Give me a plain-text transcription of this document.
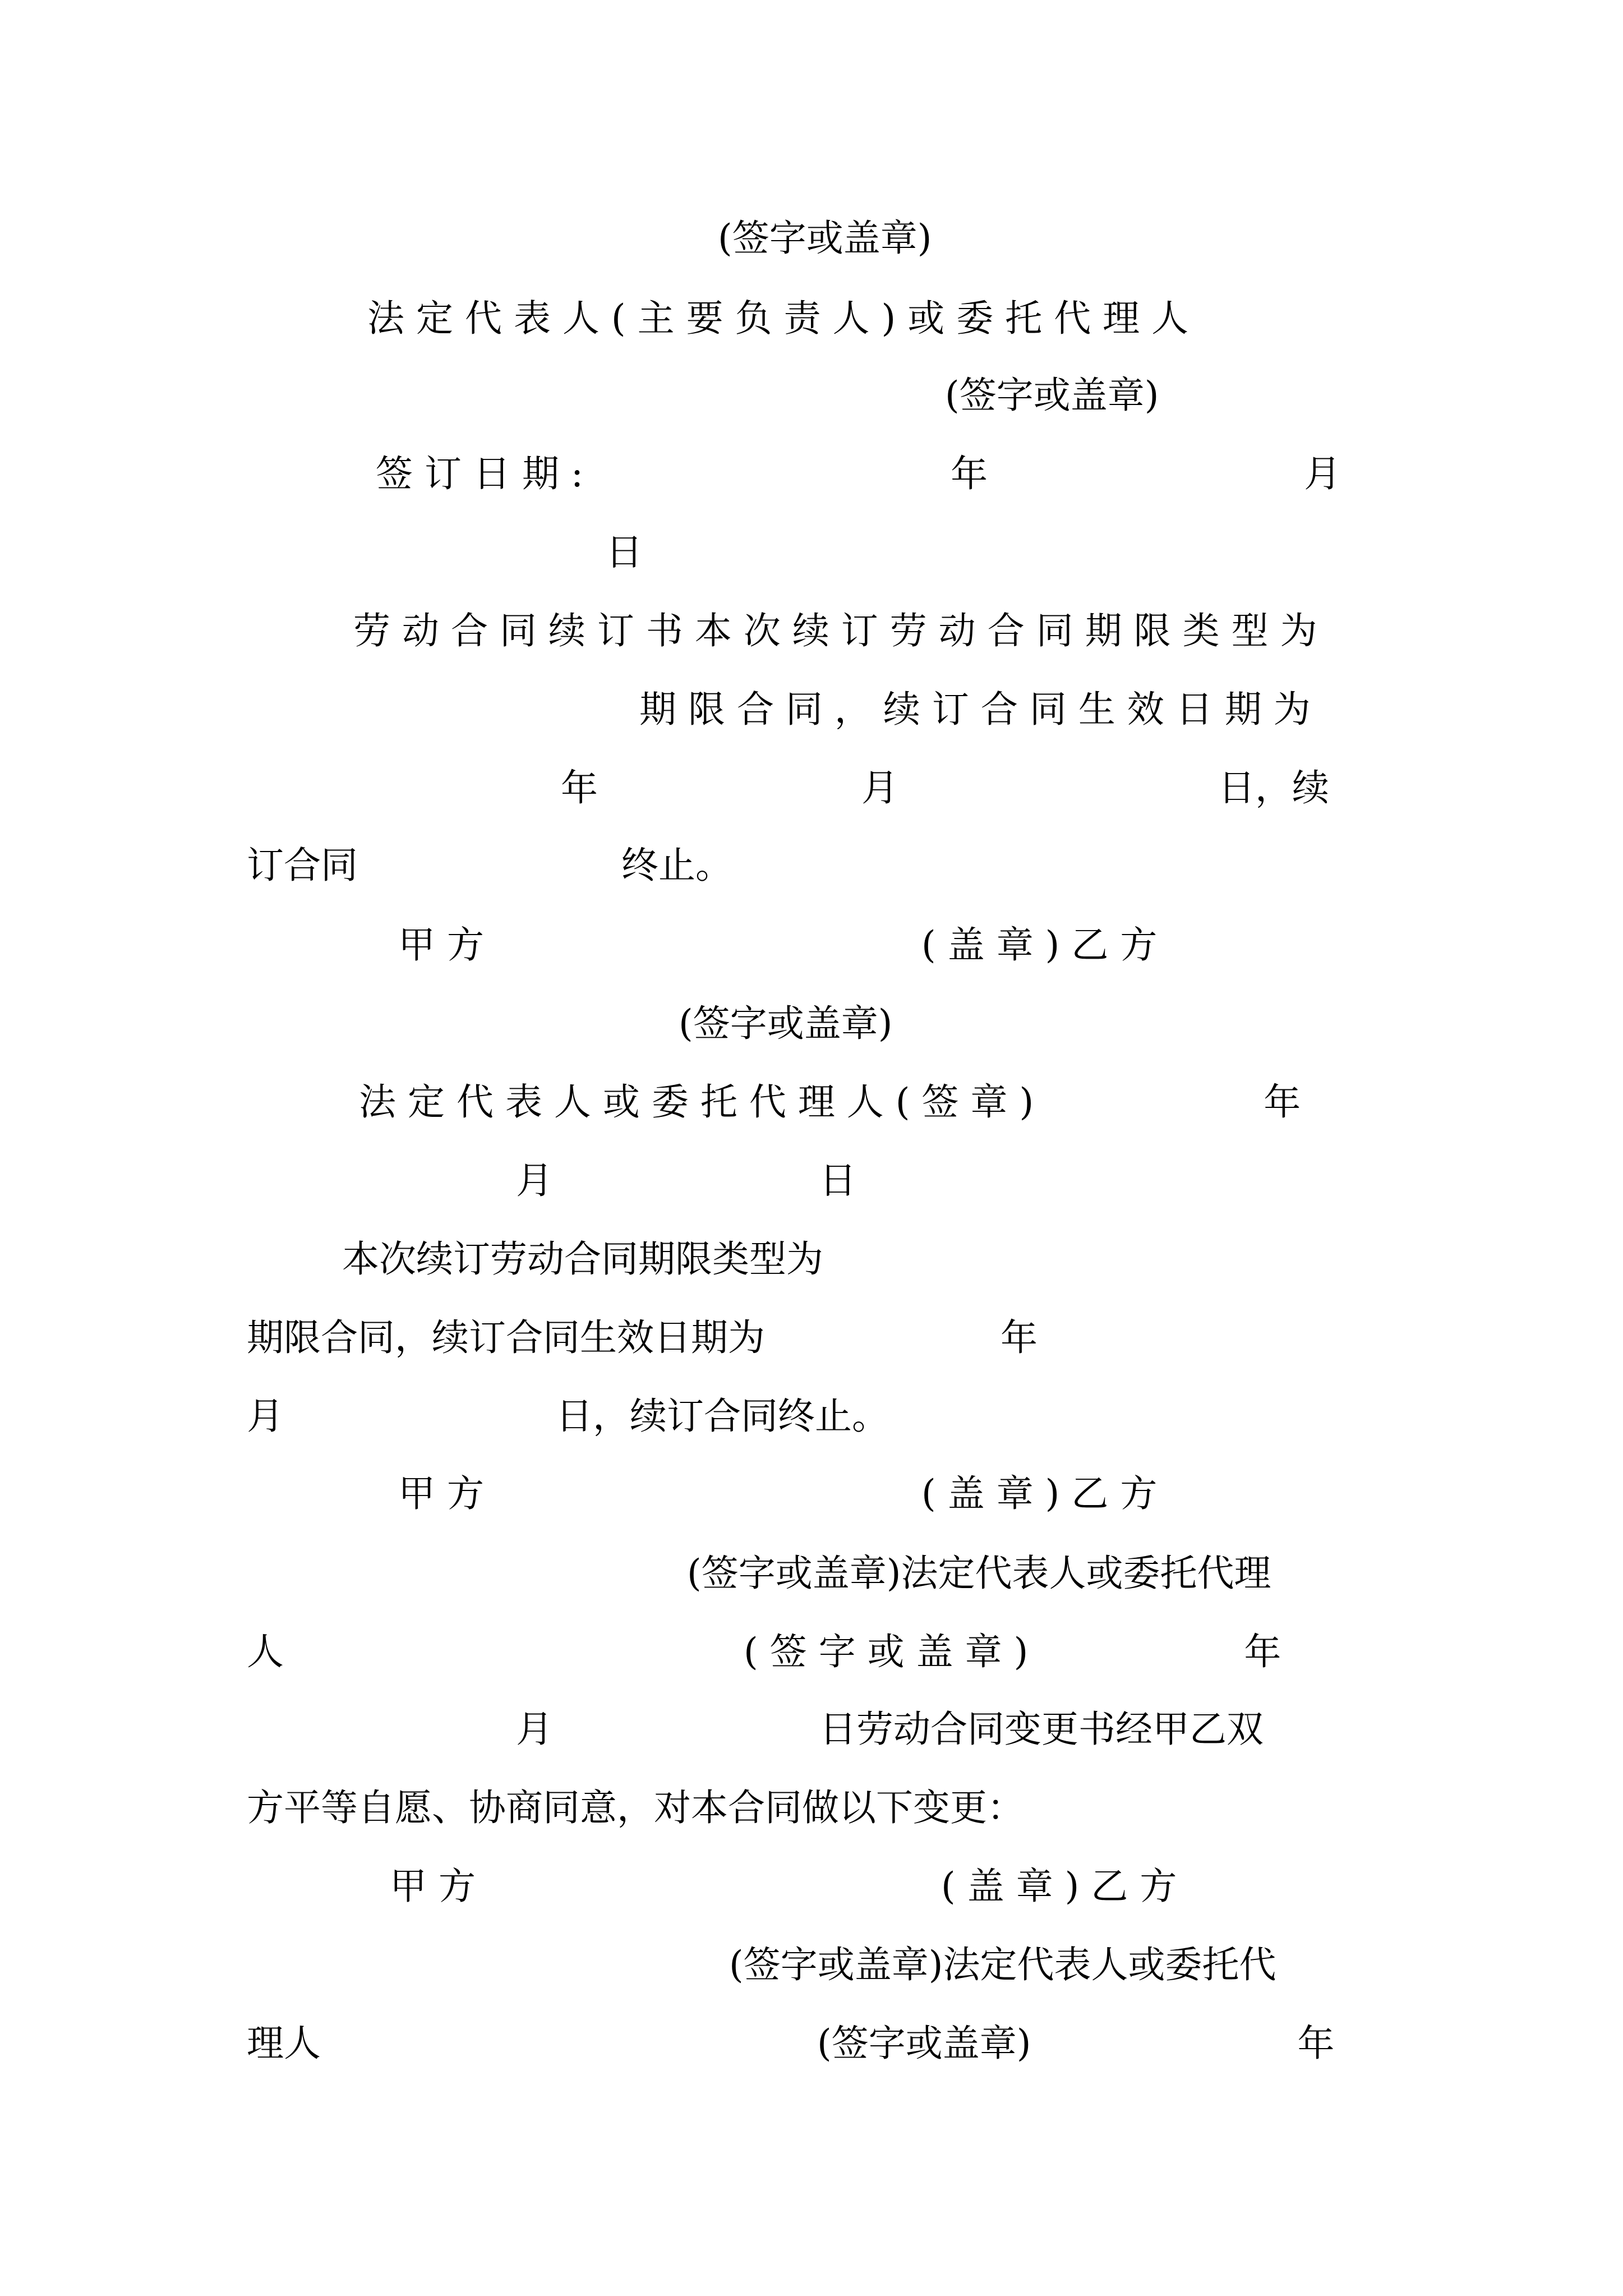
(签字或盖章)
法 定 代 表 人 ( 主 要 负 责 人 ) 或 委 托 代 理 人
(签字或盖章)
签 订 日 期 :	年	月
日
劳 动 合 同 续 订 书 本 次 续 订 劳 动 合 同 期 限 类 型 为
期 限 合 同 ， 续 订 合 同 生 效 日 期 为
年	月	日，续
订合同	终止。
甲 方	( 盖 章 ) 乙 方
(签字或盖章)
法 定 代 表 人 或 委 托 代 理 人 ( 签 章 )	年
月	日
本次续订劳动合同期限类型为
期限合同，续订合同生效日期为	年
月	日，续订合同终止。
甲 方	( 盖 章 ) 乙 方
(签字或盖章)法定代表人或委托代理
人	( 签 字 或 盖 章 )	年
月	日劳动合同变更书经甲乙双
方平等自愿、协商同意，对本合同做以下变更：
甲 方	( 盖 章 ) 乙 方
(签字或盖章)法定代表人或委托代
理人	(签字或盖章)	年
